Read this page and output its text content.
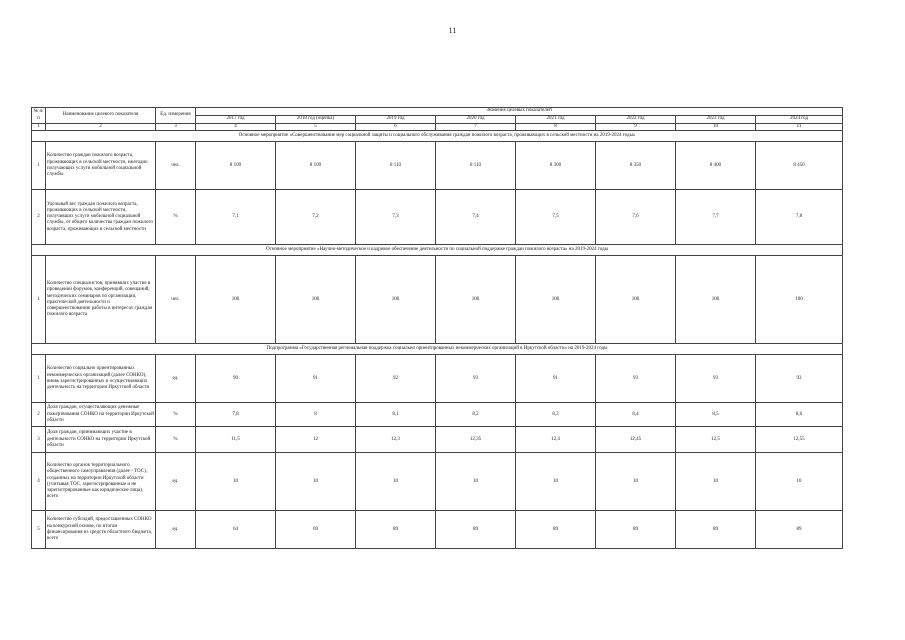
11
№ п/п	Наименование целевого показателя	Ед. измерения	Значение целевых показателей							
			2017 год	2018 год (оценка)	2019 год	2020 год	2021 год	2022 год	2023 год	2024 год
1	2	3	4	5	6	7	8	9	10	11
Основное мероприятие «Совершенствование мер социальной защиты и социального обслуживания граждан пожилого возраста, проживающих в сельской местности на 2019-2024 годы»										
1	Количество граждан пожилого возраста, проживающих в сельской местности, ежегодно получающих услуги мобильной социальной службы	чел.	8 109	8 109	8 110	8 110	8 300	8 350	8 400	8 450
2	Удельный вес граждан пожилого возраста, проживающих в сельской местности, получивших услуги мобильной социальной службы, от общего количества граждан пожилого возраста, проживающих в сельской местности	%	7,1	7,2	7,3	7,4	7,5	7,6	7,7	7,8
Основное мероприятие «Научно-методическое и кадровое обеспечение деятельности по социальной поддержке граждан пожилого возраста» на 2019-2024 годы										
1	Количество специалистов, принявших участие в проведении форумов, конференций, совещаний, методических семинаров по организации, практической деятельности и совершенствованию работы в интересах граждан пожилого возраста	чел.	100	100	100	100	100	100	100	100
Подпрограмма «Государственная региональная поддержка социально ориентированных некоммерческих организаций в Иркутской области» на 2019-2024 годы										
1	Количество социально ориентированных некоммерческих организаций (далее СОНКО), вновь зарегистрированных и осуществляющих деятельность на территории Иркутской области	ед.	90	91	92	93	91	93	93	93
2	Доля граждан, осуществляющих денежные пожертвования СОНКО на территории Иркутской области	%	7,8	8	8,1	8,2	8,3	8,4	8,5	8,6
3	Доля граждан, принимающих участие в деятельности СОНКО на территории Иркутской области	%	11,5	12	12,3	12,35	12,4	12,45	12,5	12,55
4	Количество органов территориального общественного самоуправления (далее - ТОС), созданных на территории Иркутской области (учитывая ТОС, зарегистрированные и не зарегистрированные как юридические лица), всего	ед.	10	10	10	10	10	10	10	10
5	Количество субсидий, предоставленных СОНКО на конкурсной основе, по итогам финансирования из средств областного бюджета, всего	ед.	64	69	89	89	89	89	89	89
